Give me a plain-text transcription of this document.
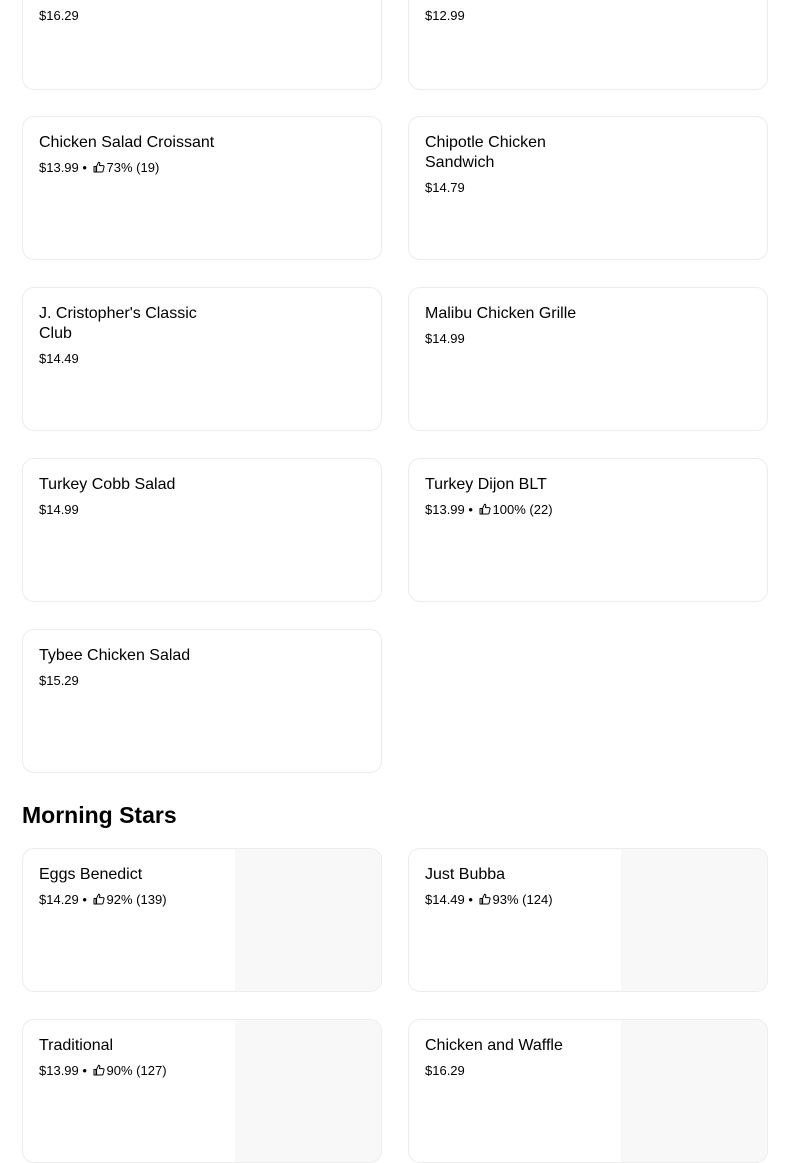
$16.29	$12.99
Chicken Salad Croissant
$13.99 • 73% (19)
Chipotle Chicken Sandwich
$14.79
J. Cristopher's Classic Club
$14.49
Malibu Chicken Grille
$14.99
Turkey Cobb Salad
$14.99
Turkey Dijon BLT
$13.99 • 100% (22)
Tybee Chicken Salad
$15.29
Morning Stars
Eggs Benedict
$14.29 • 92% (139)
Just Bubba
$14.49 • 93% (124)
Traditional
$13.99 • 90% (127)
Chicken and Waffle
$16.29
